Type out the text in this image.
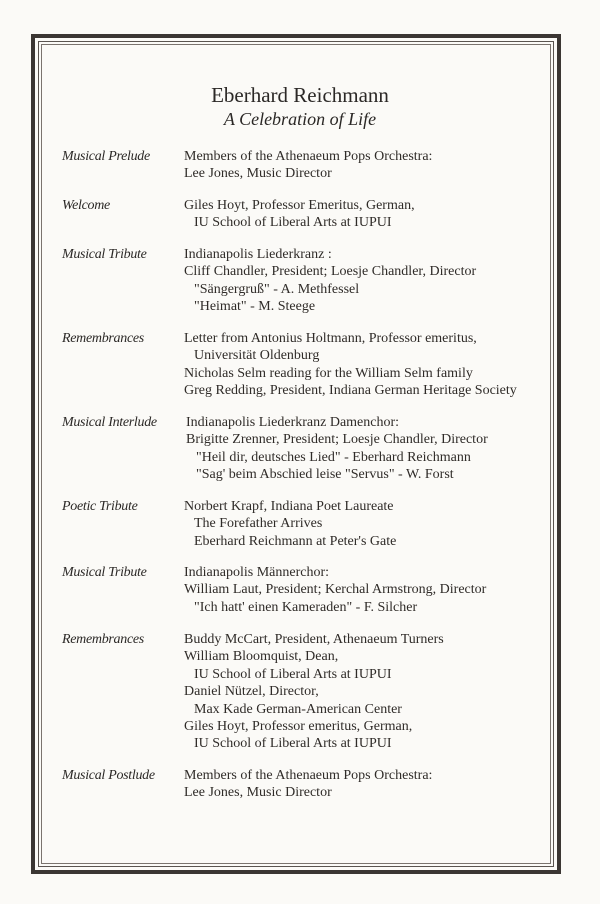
Eberhard Reichmann
A Celebration of Life
Musical Prelude	Members of the Athenaeum Pops Orchestra:
Lee Jones, Music Director
Welcome	Giles Hoyt, Professor Emeritus, German,
IU School of Liberal Arts at IUPUI
Musical Tribute	Indianapolis Liederkranz :
Cliff Chandler, President; Loesje Chandler, Director
"Sängergruß" - A. Methfessel
"Heimat" - M. Steege
Remembrances	Letter from Antonius Holtmann, Professor emeritus,
Universität Oldenburg
Nicholas Selm reading for the William Selm family
Greg Redding, President, Indiana German Heritage Society
Musical Interlude	Indianapolis Liederkranz Damenchor:
Brigitte Zrenner, President; Loesje Chandler, Director
"Heil dir, deutsches Lied" - Eberhard Reichmann
"Sag' beim Abschied leise "Servus" - W. Forst
Poetic Tribute	Norbert Krapf, Indiana Poet Laureate
The Forefather Arrives
Eberhard Reichmann at Peter's Gate
Musical Tribute	Indianapolis Männerchor:
William Laut, President; Kerchal Armstrong, Director
"Ich hatt' einen Kameraden" - F. Silcher
Remembrances	Buddy McCart, President, Athenaeum Turners
William Bloomquist, Dean,
IU School of Liberal Arts at IUPUI
Daniel Nützel, Director,
Max Kade German-American Center
Giles Hoyt, Professor emeritus, German,
IU School of Liberal Arts at IUPUI
Musical Postlude	Members of the Athenaeum Pops Orchestra:
Lee Jones, Music Director
